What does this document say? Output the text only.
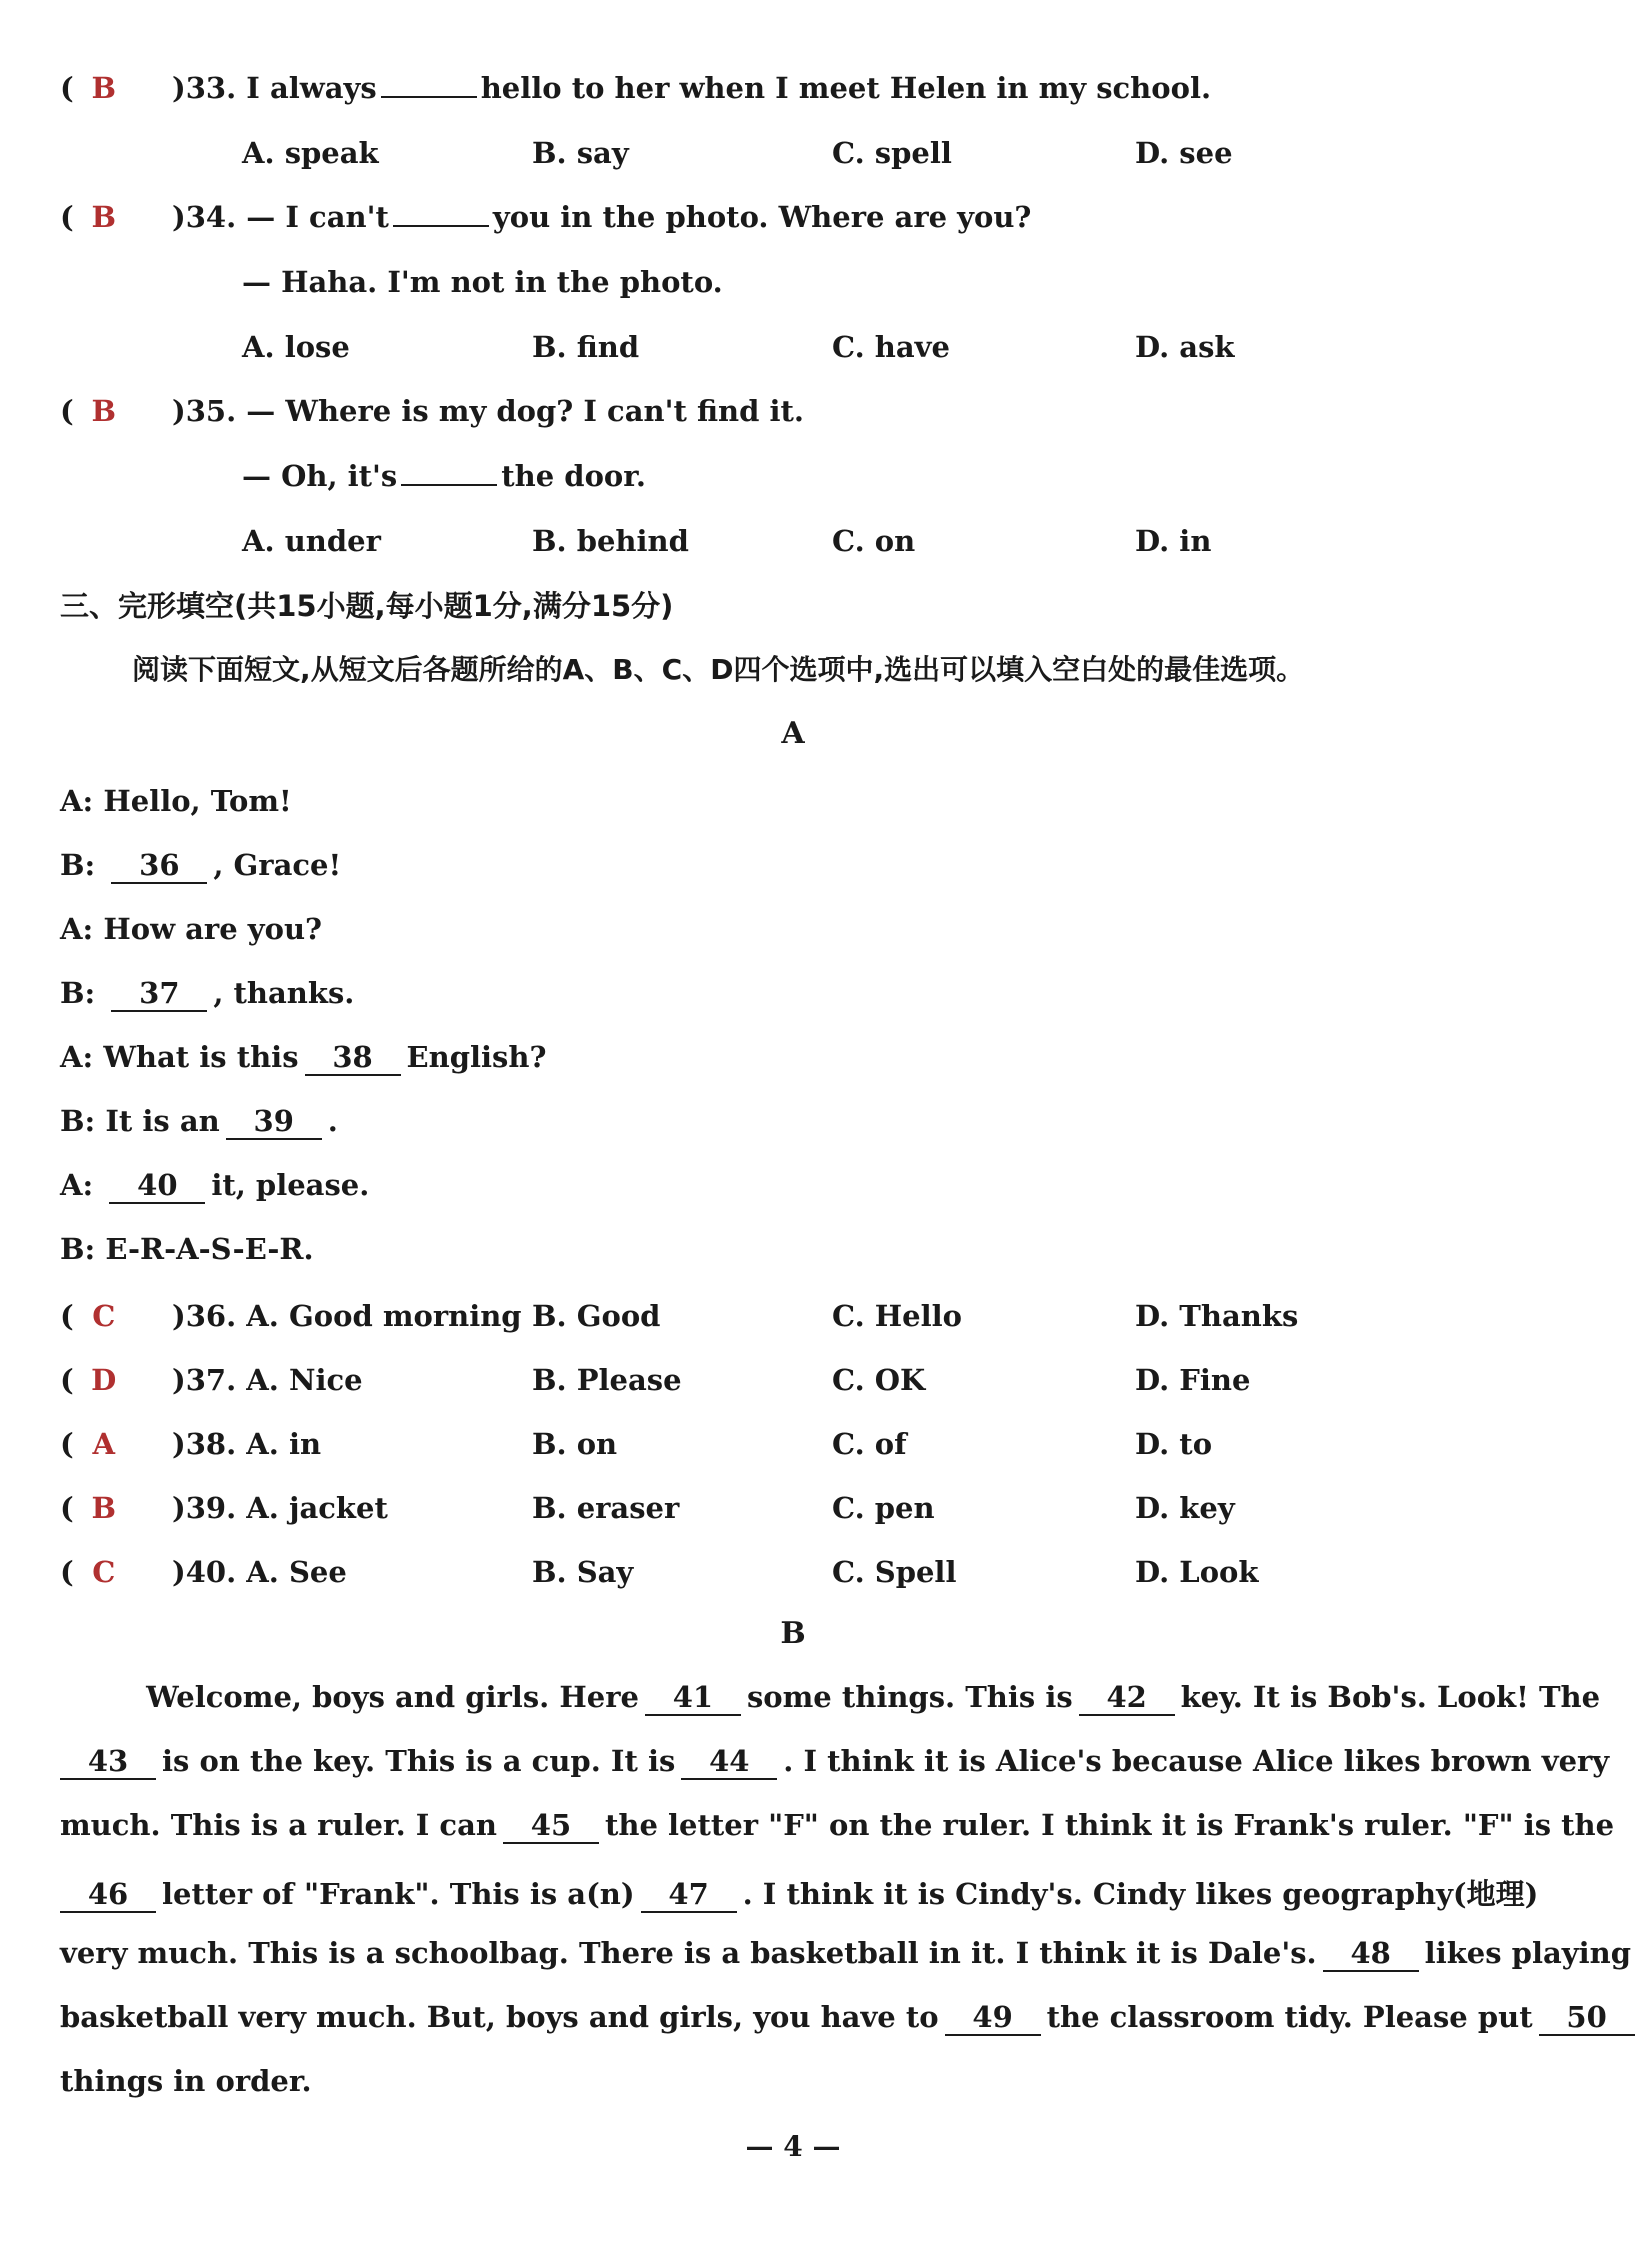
( B	)33. I always	hello to her when I meet Helen in my school.
A. speak	B. say	C. spell	D. see
( B	)34. — I can't	you in the photo. Where are you?
— Haha. I'm not in the photo.
A. lose	B. find	C. have	D. ask
( B	)35. — Where is my dog? I can't find it.
— Oh, it's	the door.
A. under	B. behind	C. on	D. in
三、完形填空(共15小题,每小题1分,满分15分)
阅读下面短文,从短文后各题所给的A、B、C、D四个选项中,选出可以填入空白处的最佳选项。
A
A: Hello, Tom!
B: 36 , Grace!
A: How are you?
B: 37 , thanks.
A: What is this 38 English?
B: It is an 39 .
A: 40 it, please.
B: E-R-A-S-E-R.
( C	)36. A. Good morning B. Good	C. Hello	D. Thanks
( D	)37. A. Nice	B. Please	C. OK	D. Fine
( A	)38. A. in	B. on	C. of	D. to
( B	)39. A. jacket	B. eraser	C. pen	D. key
( C	)40. A. See	B. Say	C. Spell	D. Look
B
Welcome, boys and girls. Here 41 some things. This is 42 key. It is Bob's. Look! The
43 is on the key. This is a cup. It is 44 . I think it is Alice's because Alice likes brown very
much. This is a ruler. I can 45 the letter "F" on the ruler. I think it is Frank's ruler. "F" is the
46 letter of "Frank". This is a(n) 47 . I think it is Cindy's. Cindy likes geography(地理)
very much. This is a schoolbag. There is a basketball in it. I think it is Dale's. 48 likes playing
basketball very much. But, boys and girls, you have to 49 the classroom tidy. Please put 50
things in order.
— 4 —
